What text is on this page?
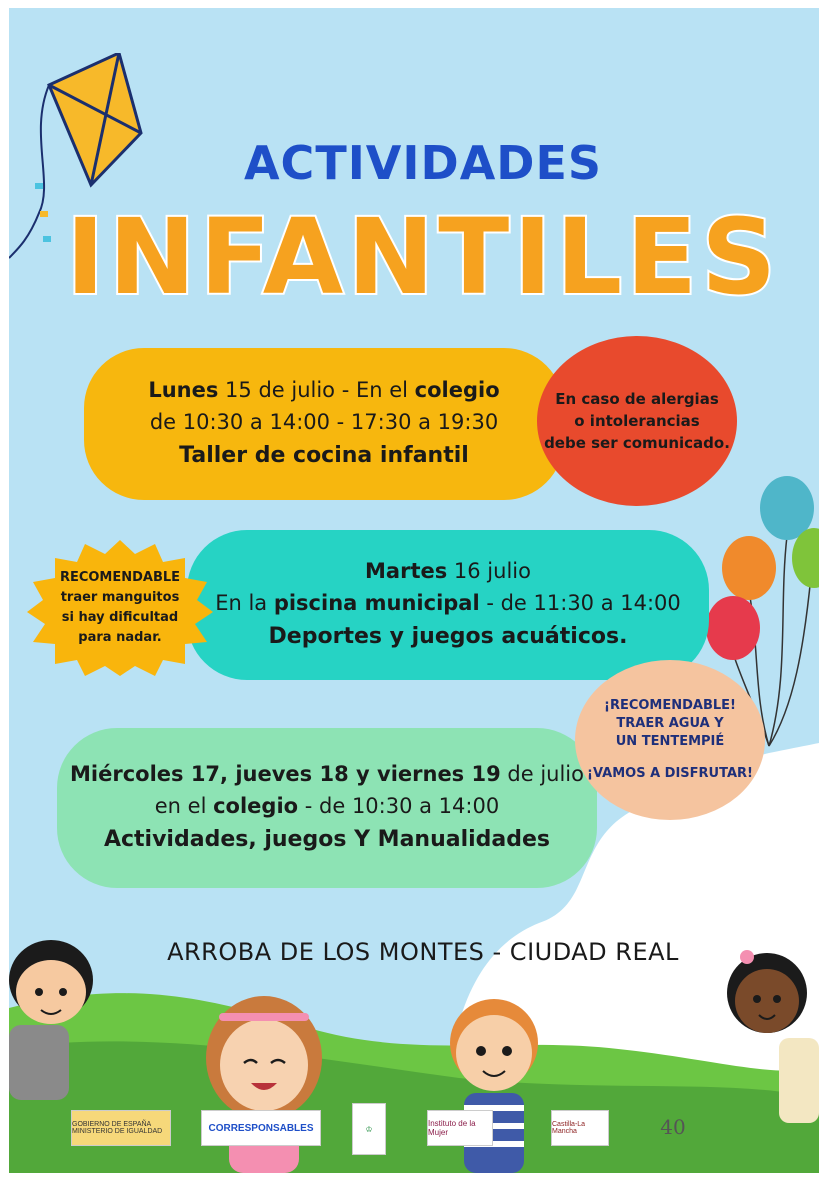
ACTIVIDADES
INFANTILES
Lunes 15 de julio - En el colegio
de 10:30 a 14:00 - 17:30 a 19:30
Taller de cocina infantil
En caso de alergias
o intolerancias
debe ser comunicado.
Martes 16 julio
En la piscina municipal - de 11:30 a 14:00
Deportes y juegos acuáticos.
RECOMENDABLE
traer manguitos
si hay dificultad
para nadar.
Miércoles 17, jueves 18 y viernes 19 de julio
en el colegio - de 10:30 a 14:00
Actividades, juegos Y Manualidades
¡RECOMENDABLE!
TRAER AGUA Y
UN TENTEMPIÉ
¡VAMOS A DISFRUTAR!
ARROBA DE LOS MONTES - CIUDAD REAL
GOBIERNO DE ESPAÑA MINISTERIO DE IGUALDAD	CORRESPONSABLES	♔
Instituto de la Mujer
Castilla-La Mancha	40
